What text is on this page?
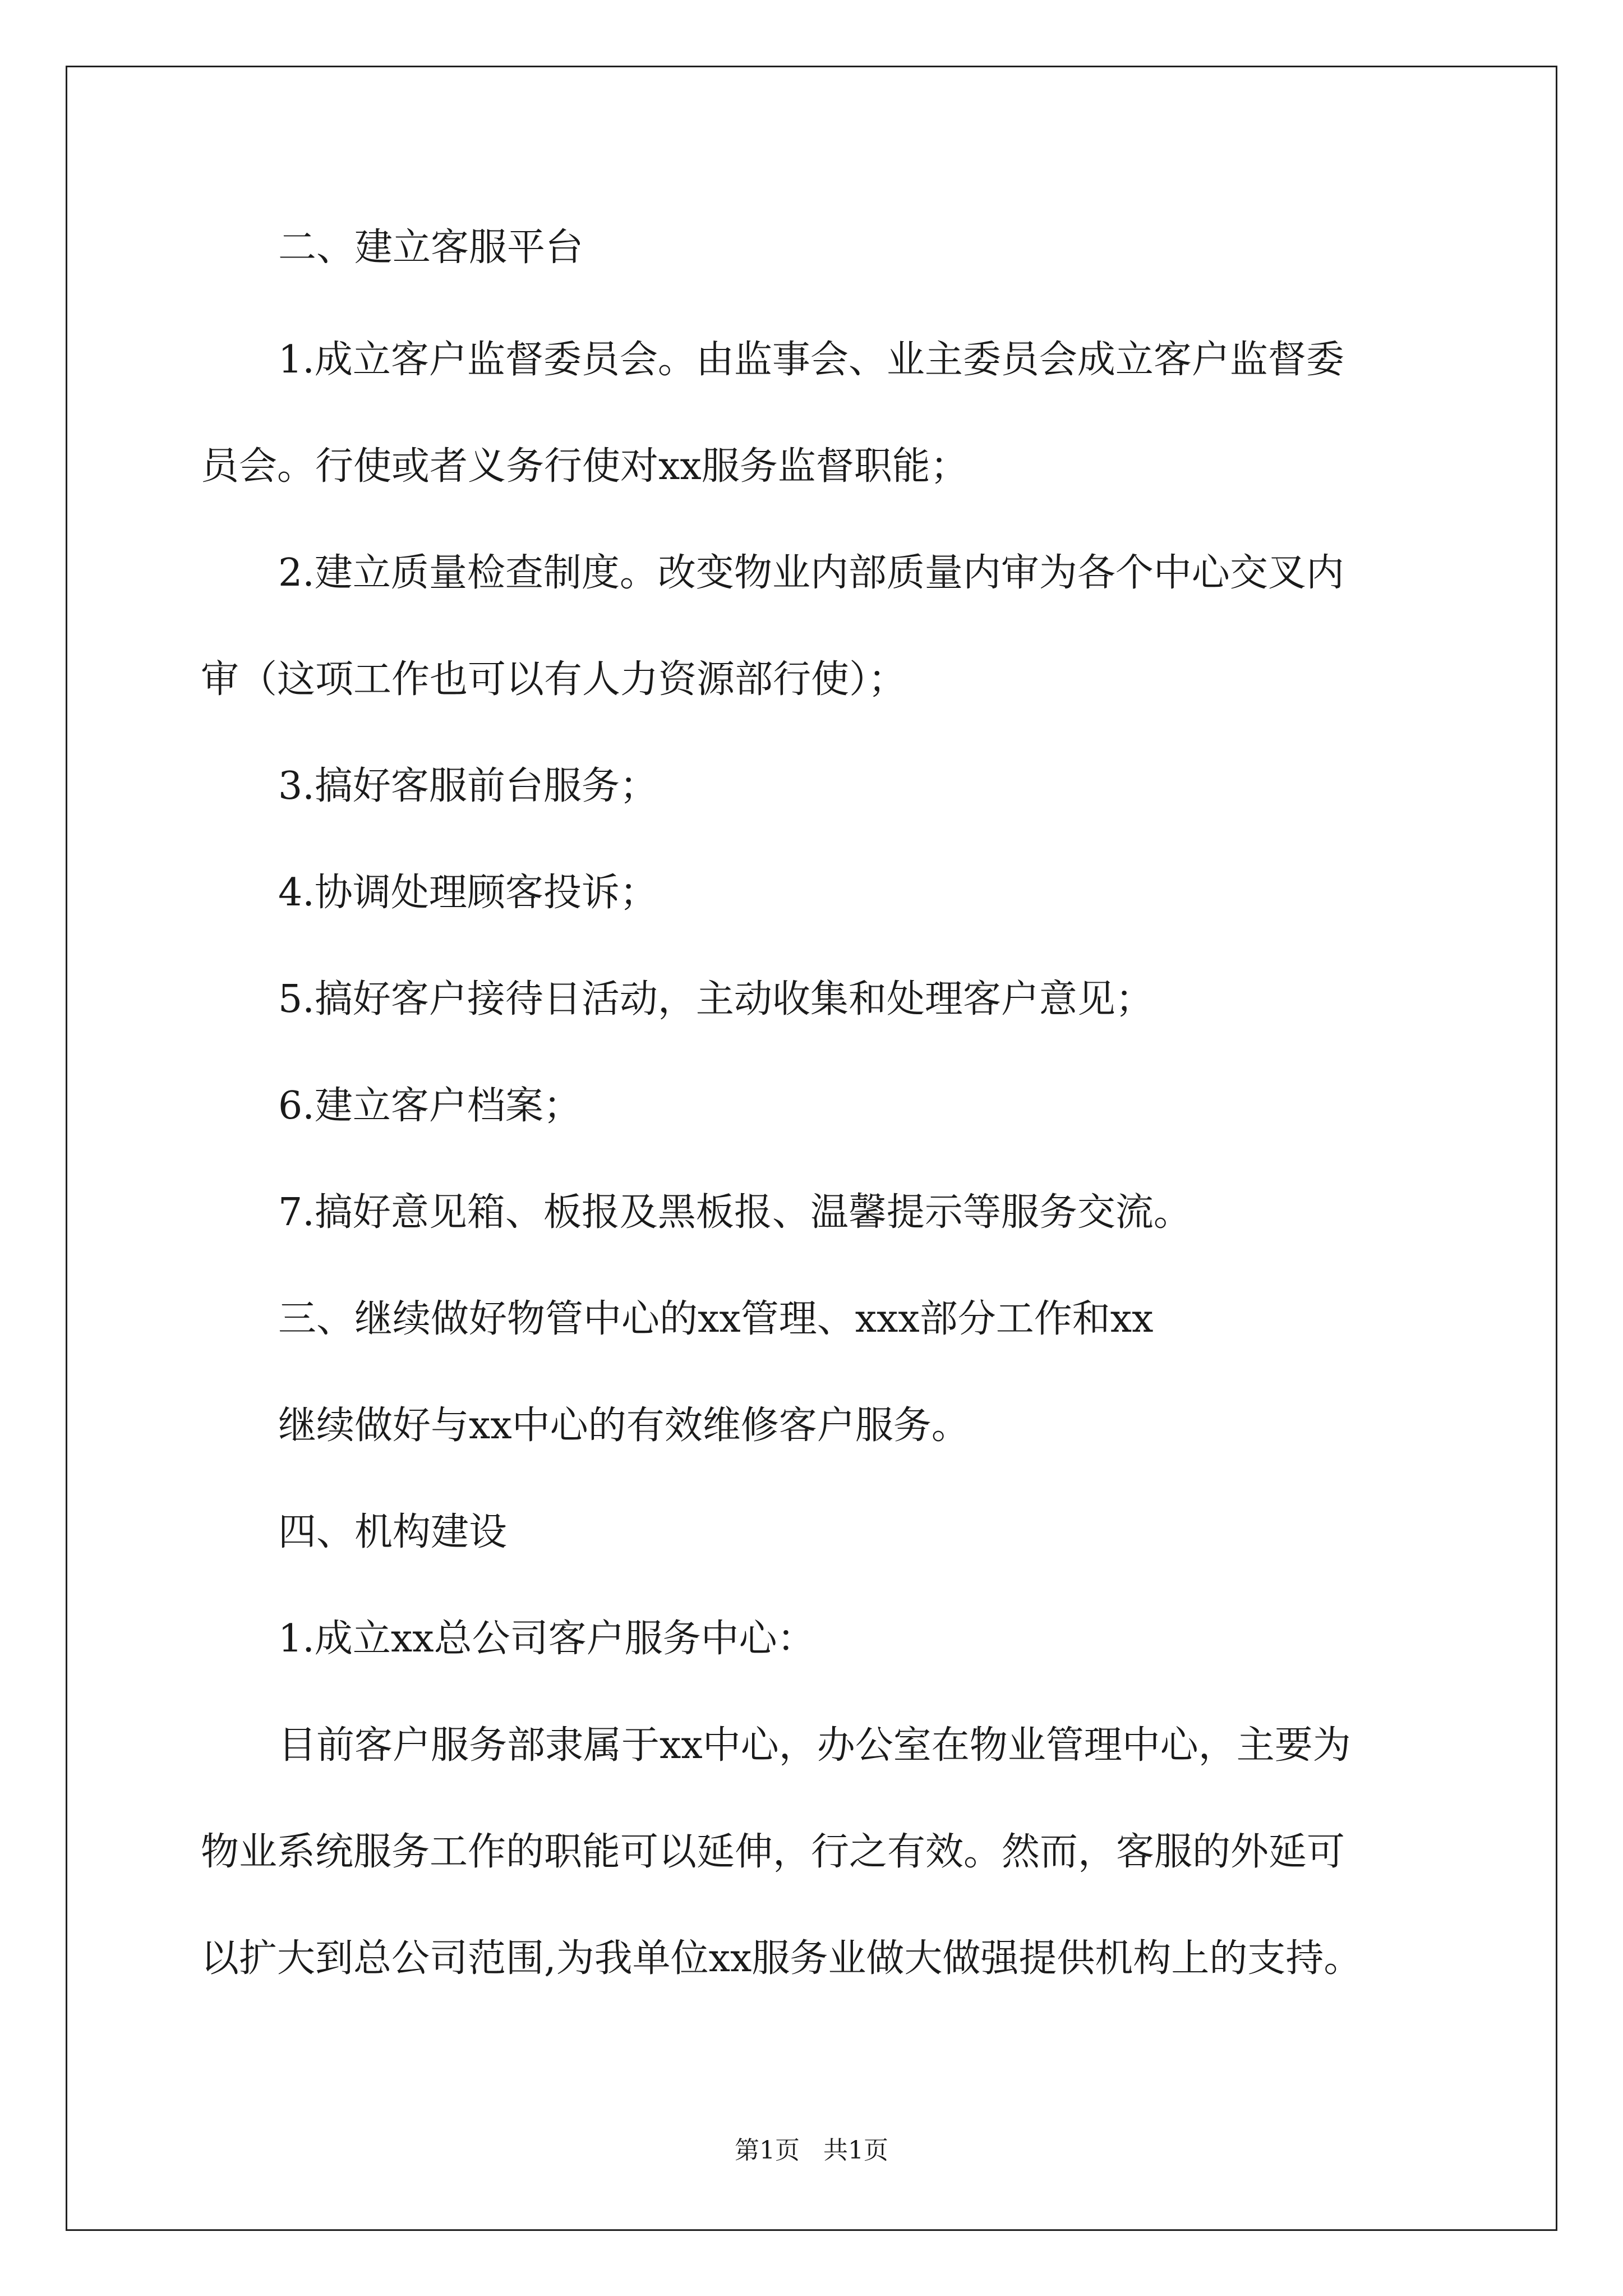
二、建立客服平台
1.成立客户监督委员会。由监事会、业主委员会成立客户监督委
员会。行使或者义务行使对xx服务监督职能；
2.建立质量检查制度。改变物业内部质量内审为各个中心交叉内
审（这项工作也可以有人力资源部行使）；
3.搞好客服前台服务；
4.协调处理顾客投诉；
5.搞好客户接待日活动，主动收集和处理客户意见；
6.建立客户档案；
7.搞好意见箱、板报及黑板报、温馨提示等服务交流。
三、继续做好物管中心的xx管理、xxx部分工作和xx
继续做好与xx中心的有效维修客户服务。
四、机构建设
1.成立xx总公司客户服务中心：
目前客户服务部隶属于xx中心，办公室在物业管理中心，主要为
物业系统服务工作的职能可以延伸，行之有效。然而，客服的外延可
以扩大到总公司范围,为我单位xx服务业做大做强提供机构上的支持。
第1页   共1页
